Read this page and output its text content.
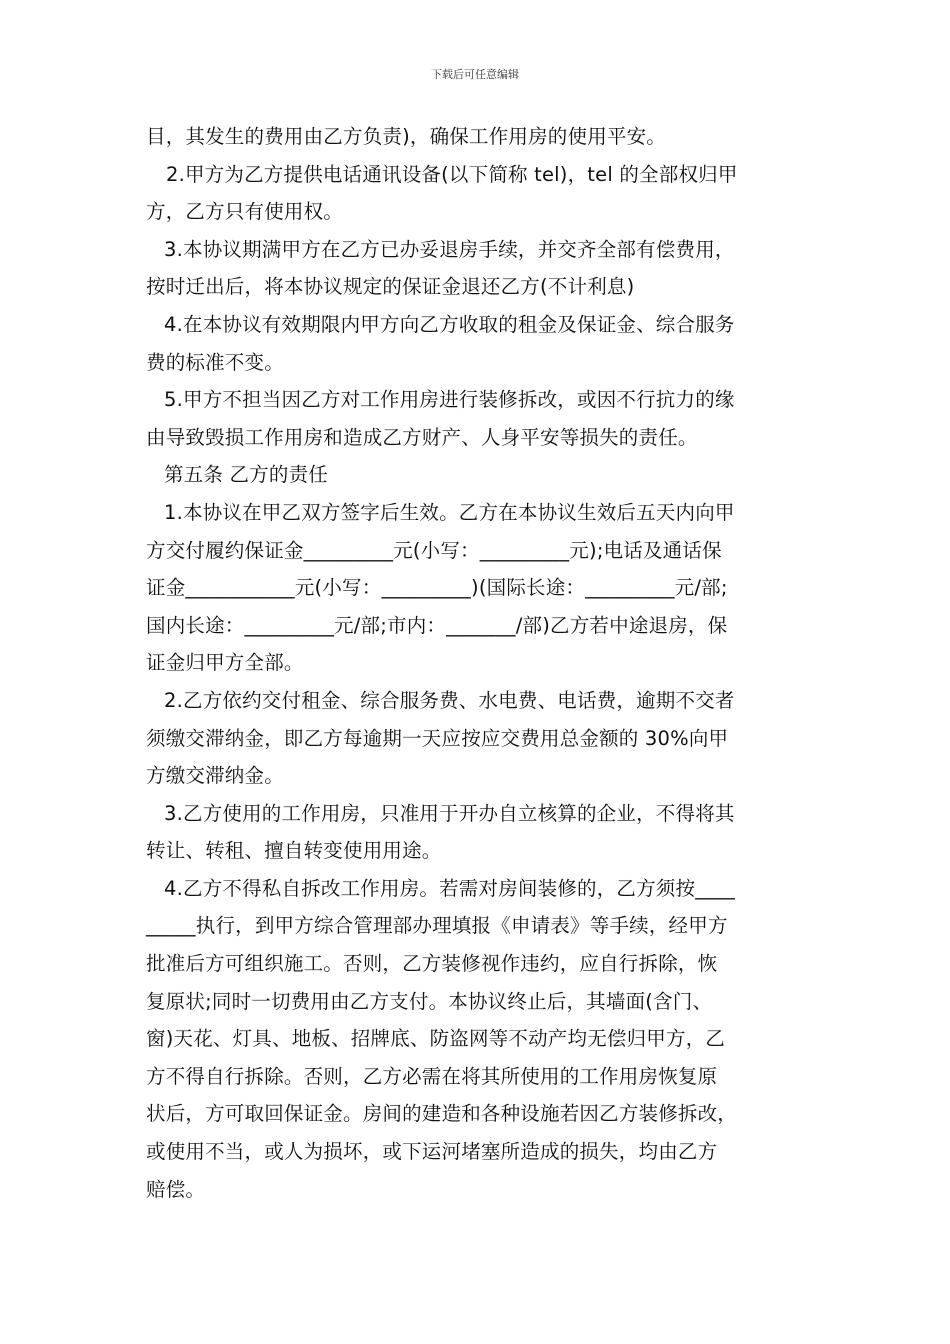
下载后可任意编辑
目，其发生的费用由乙方负责)，确保工作用房的使用平安。
2.甲方为乙方提供电话通讯设备(以下简称 tel)，tel 的全部权归甲
方，乙方只有使用权。
3.本协议期满甲方在乙方已办妥退房手续，并交齐全部有偿费用，
按时迁出后，将本协议规定的保证金退还乙方(不计利息)
4.在本协议有效期限内甲方向乙方收取的租金及保证金、综合服务
费的标准不变。
5.甲方不担当因乙方对工作用房进行装修拆改，或因不行抗力的缘
由导致毁损工作用房和造成乙方财产、人身平安等损失的责任。
第五条 乙方的责任
1.本协议在甲乙双方签字后生效。乙方在本协议生效后五天内向甲
方交付履约保证金_________元(小写：_________元);电话及通话保
证金___________元(小写：_________)(国际长途：_________元/部;
国内长途：_________元/部;市内：_______/部)乙方若中途退房，保
证金归甲方全部。
2.乙方依约交付租金、综合服务费、水电费、电话费，逾期不交者
须缴交滞纳金，即乙方每逾期一天应按应交费用总金额的 30%向甲
方缴交滞纳金。
3.乙方使用的工作用房，只准用于开办自立核算的企业，不得将其
转让、转租、擅自转变使用用途。
4.乙方不得私自拆改工作用房。若需对房间装修的，乙方须按____
_____执行，到甲方综合管理部办理填报《申请表》等手续，经甲方
批准后方可组织施工。否则，乙方装修视作违约，应自行拆除，恢
复原状;同时一切费用由乙方支付。本协议终止后，其墙面(含门、
窗)天花、灯具、地板、招牌底、防盗网等不动产均无偿归甲方，乙
方不得自行拆除。否则，乙方必需在将其所使用的工作用房恢复原
状后，方可取回保证金。房间的建造和各种设施若因乙方装修拆改，
或使用不当，或人为损坏，或下运河堵塞所造成的损失，均由乙方
赔偿。
